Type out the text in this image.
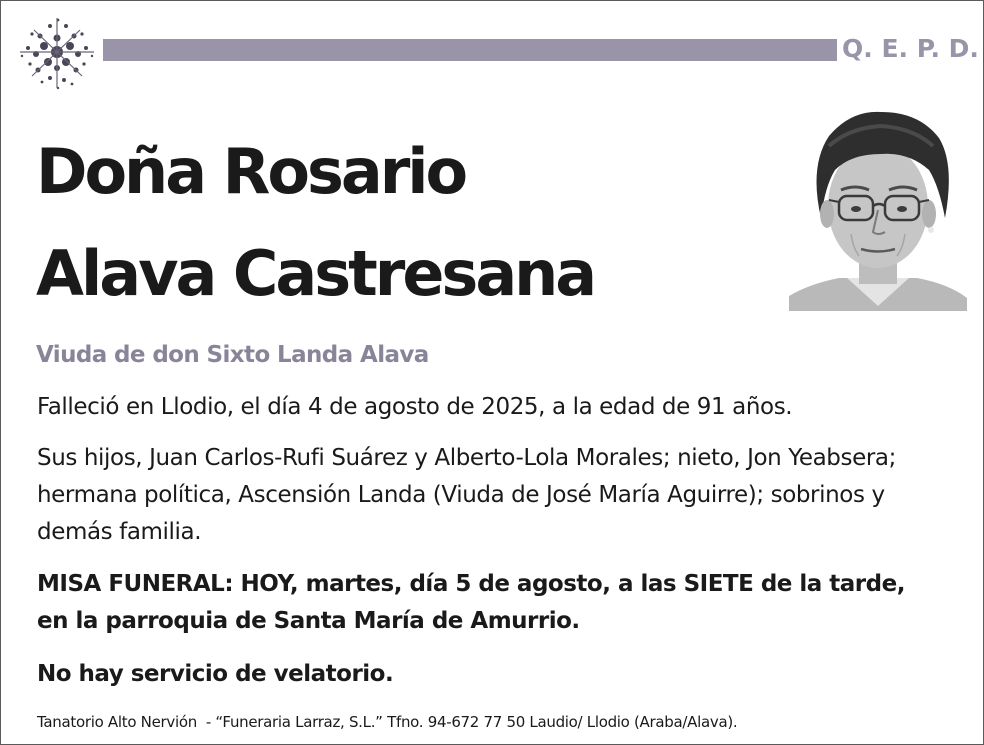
Q. E. P. D.
Doña Rosario
Alava Castresana
Viuda de don Sixto Landa Alava
Falleció en Llodio, el día 4 de agosto de 2025, a la edad de 91 años.
Sus hijos, Juan Carlos-Rufi Suárez y Alberto-Lola Morales; nieto, Jon Yeabsera; hermana política, Ascensión Landa (Viuda de José María Aguirre); sobrinos y demás familia.
MISA FUNERAL: HOY, martes, día 5 de agosto, a las SIETE de la tarde, en la parroquia de Santa María de Amurrio.
No hay servicio de velatorio.
Tanatorio Alto Nervión  - “Funeraria Larraz, S.L.” Tfno. 94-672 77 50 Laudio/ Llodio (Araba/Alava).
